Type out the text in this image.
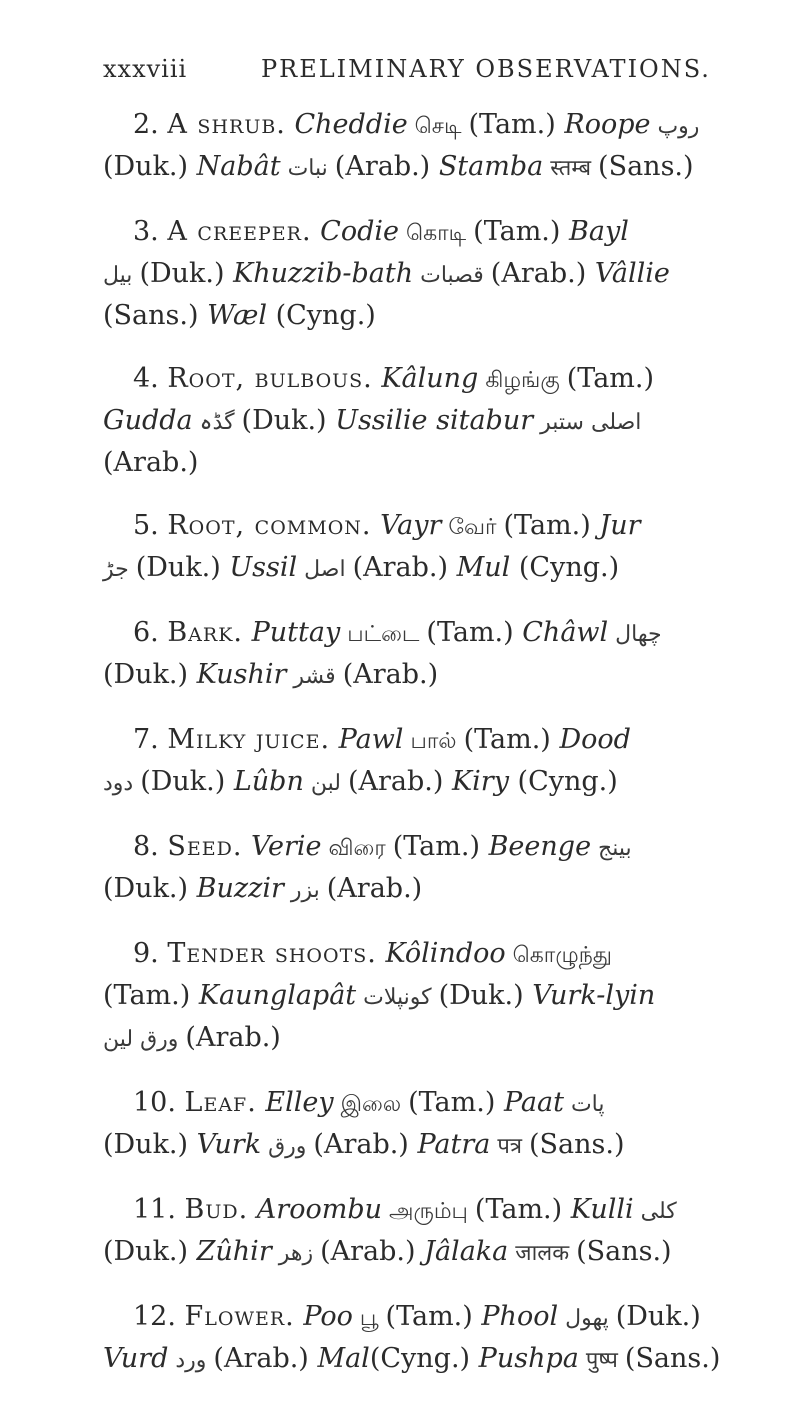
xxxviii	PRELIMINARY OBSERVATIONS.

2. A shrub. Cheddie செடி (Tam.) Roope روپ
(Duk.) Nabât نبات (Arab.) Stamba स्तम्ब (Sans.)

3. A creeper. Codie கொடி (Tam.) Bayl
بيل (Duk.) Khuzzib-bath قصبات (Arab.) Vâllie
(Sans.) Wæl (Cyng.)

4. Root, bulbous. Kâlung கிழங்கு (Tam.)
Gudda گڈہ (Duk.) Ussilie sitabur اصلی ستبر
(Arab.)

5. Root, common. Vayr வேர் (Tam.) Jur
جڑ (Duk.) Ussil اصل (Arab.) Mul (Cyng.)

6. Bark. Puttay பட்டை (Tam.) Châwl چھال
(Duk.) Kushir قشر (Arab.)

7. Milky juice. Pawl பால் (Tam.) Dood
دود (Duk.) Lûbn لبن (Arab.) Kiry (Cyng.)

8. Seed. Verie விரை (Tam.) Beenge بینج
(Duk.) Buzzir بزر (Arab.)

9. Tender shoots. Kôlindoo கொழுந்து
(Tam.) Kaunglapât کونپلات (Duk.) Vurk-lyin
ورق لين (Arab.)

10. Leaf. Elley இலை (Tam.) Paat پات
(Duk.) Vurk ورق (Arab.) Patra पत्र (Sans.)

11. Bud. Aroombu அரும்பு (Tam.) Kulli کلی
(Duk.) Zûhir زهر (Arab.) Jâlaka जालक (Sans.)

12. Flower. Poo பூ (Tam.) Phool پھول (Duk.)
Vurd ورد (Arab.) Mal(Cyng.) Pushpa पुष्प (Sans.)
